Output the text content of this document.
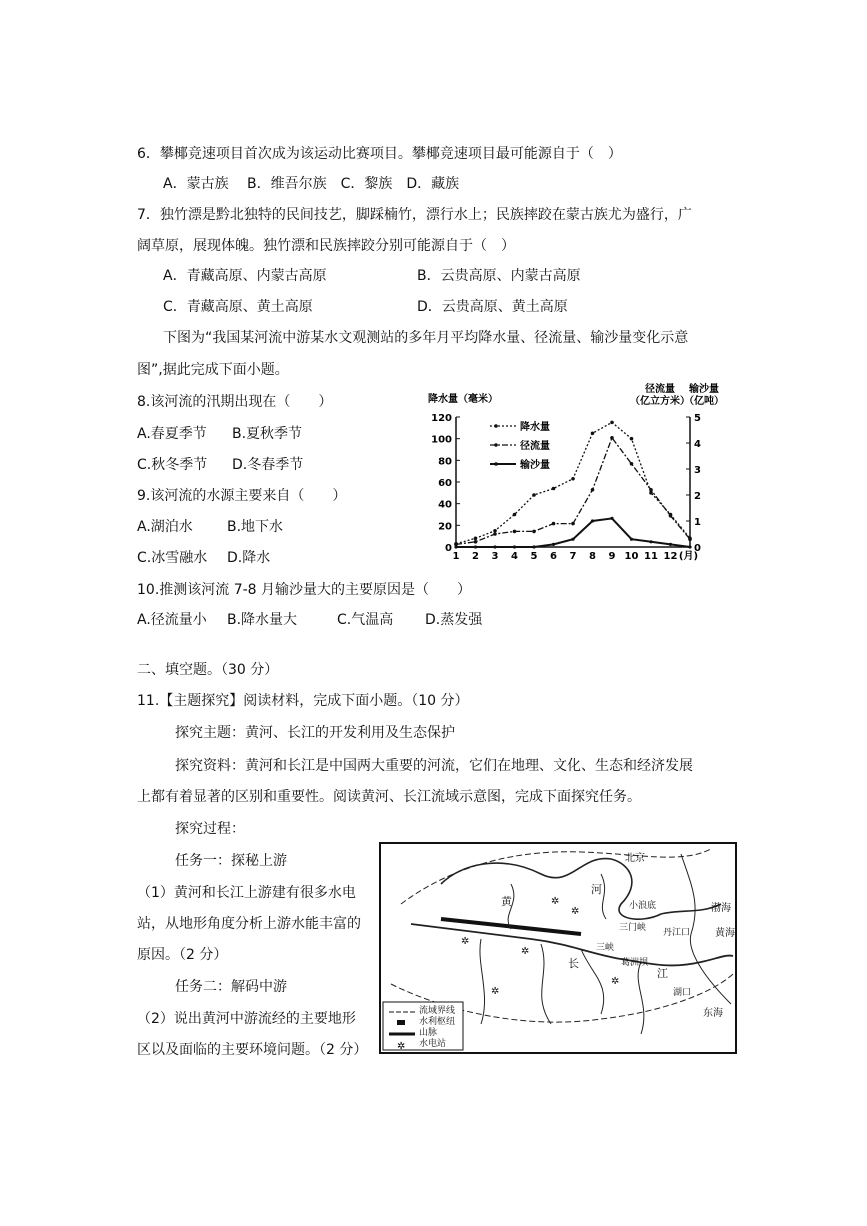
6．攀椰竞速项目首次成为该运动比赛项目。攀椰竞速项目最可能源自于（　）
A．蒙古族　 B．维吾尔族　C．黎族　D．藏族
7．独竹漂是黔北独特的民间技艺，脚踩楠竹，漂行水上；民族摔跤在蒙古族尤为盛行，广
阔草原，展现体魄。独竹漂和民族摔跤分别可能源自于（　）
A．青藏高原、内蒙古高原	B．云贵高原、内蒙古高原
C．青藏高原、黄土高原	D．云贵高原、黄土高原
下图为“我国某河流中游某水文观测站的多年月平均降水量、径流量、输沙量变化示意
图”,据此完成下面小题。
8.该河流的汛期出现在（　　）
A.春夏季节 B.夏秋季节
C.秋冬季节 D.冬春季节
9.该河流的水源主要来自（　　）
A.湖泊水 B.地下水
C.冰雪融水 D.降水
10.推测该河流 7-8 月输沙量大的主要原因是（　　）
A.径流量小 B.降水量大	C.气温高 D.蒸发强
二、填空题。（30 分）
11.【主题探究】阅读材料，完成下面小题。（10 分）
探究主题：黄河、长江的开发利用及生态保护
探究资料：黄河和长江是中国两大重要的河流，它们在地理、文化、生态和经济发展
上都有着显著的区别和重要性。阅读黄河、长江流域示意图，完成下面探究任务。
探究过程：
任务一：探秘上游
（1）黄河和长江上游建有很多水电
站，从地形角度分析上游水能丰富的
原因。（2 分）
任务二：解码中游
（2）说出黄河中游流经的主要地形
区以及面临的主要环境问题。（2 分）
0
20
40
60
80
100
120
0
1
2
3
4
5
1 2 3 4 5 6 7 8 9 10 11 12 (月)
降水量（毫米）
径流量
（亿立方米）
输沙量
（亿吨）
降水量
径流量
输沙量
✲
✲
✲
✲
✲
✲
北京
渤海
黄海
东海
长
江
黄
河
小浪底
三门峡
三峡
丹江口
湖口
葛洲坝
流域界线
水利枢纽
山脉
水电站
✲
